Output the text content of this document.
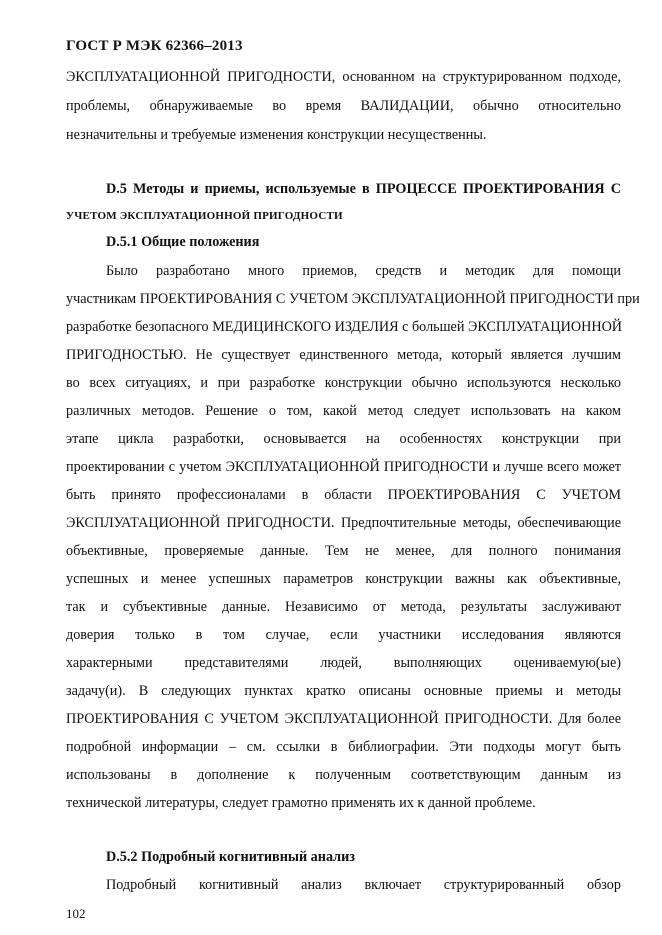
ГОСТ Р МЭК 62366–2013
ЭКСПЛУАТАЦИОННОЙ ПРИГОДНОСТИ, основанном на структурированном подходе,
проблемы, обнаруживаемые во время ВАЛИДАЦИИ, обычно относительно
незначительны и требуемые изменения конструкции несущественны.
D.5 Методы и приемы, используемые в ПРОЦЕССЕ ПРОЕКТИРОВАНИЯ С
УЧЕТОМ ЭКСПЛУАТАЦИОННОЙ ПРИГОДНОСТИ
D.5.1 Общие положения
Было разработано много приемов, средств и методик для помощи
участникам ПРОЕКТИРОВАНИЯ С УЧЕТОМ ЭКСПЛУАТАЦИОННОЙ ПРИГОДНОСТИ при
разработке безопасного МЕДИЦИНСКОГО ИЗДЕЛИЯ с большей ЭКСПЛУАТАЦИОННОЙ
ПРИГОДНОСТЬЮ. Не существует единственного метода, который является лучшим
во всех ситуациях, и при разработке конструкции обычно используются несколько
различных методов. Решение о том, какой метод следует использовать на каком
этапе цикла разработки, основывается на особенностях конструкции при
проектировании с учетом ЭКСПЛУАТАЦИОННОЙ ПРИГОДНОСТИ и лучше всего может
быть принято профессионалами в области ПРОЕКТИРОВАНИЯ С УЧЕТОМ
ЭКСПЛУАТАЦИОННОЙ ПРИГОДНОСТИ. Предпочтительные методы, обеспечивающие
объективные, проверяемые данные. Тем не менее, для полного понимания
успешных и менее успешных параметров конструкции важны как объективные,
так и субъективные данные. Независимо от метода, результаты заслуживают
доверия только в том случае, если участники исследования являются
характерными представителями людей, выполняющих оцениваемую(ые)
задачу(и). В следующих пунктах кратко описаны основные приемы и методы
ПРОЕКТИРОВАНИЯ С УЧЕТОМ ЭКСПЛУАТАЦИОННОЙ ПРИГОДНОСТИ. Для более
подробной информации – см. ссылки в библиографии. Эти подходы могут быть
использованы в дополнение к полученным соответствующим данным из
технической литературы, следует грамотно применять их к данной проблеме.
D.5.2 Подробный когнитивный анализ
Подробный когнитивный анализ включает структурированный обзор
102
